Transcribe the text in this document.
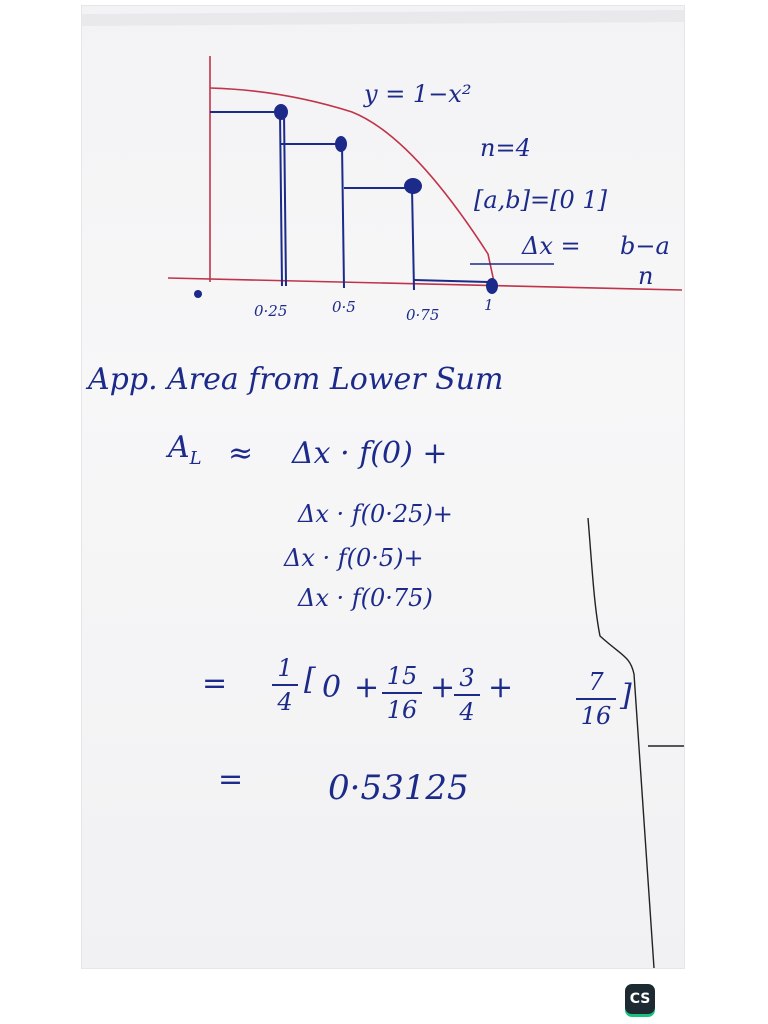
y = 1−x²
n=4
[a,b]=[0 1]
Δx = b−a
n
0·25	0·5	0·75
1
App. Area from Lower Sum
$A_L \approx \Delta x \cdot f(0)$ +
Δx · f(0·25)+
Δx · f(0·5)+
Δx · f(0·75)
= 1
4
[ 0 + 15
16
+ 3
4
+	7
16
]
= 0·53125
CS
